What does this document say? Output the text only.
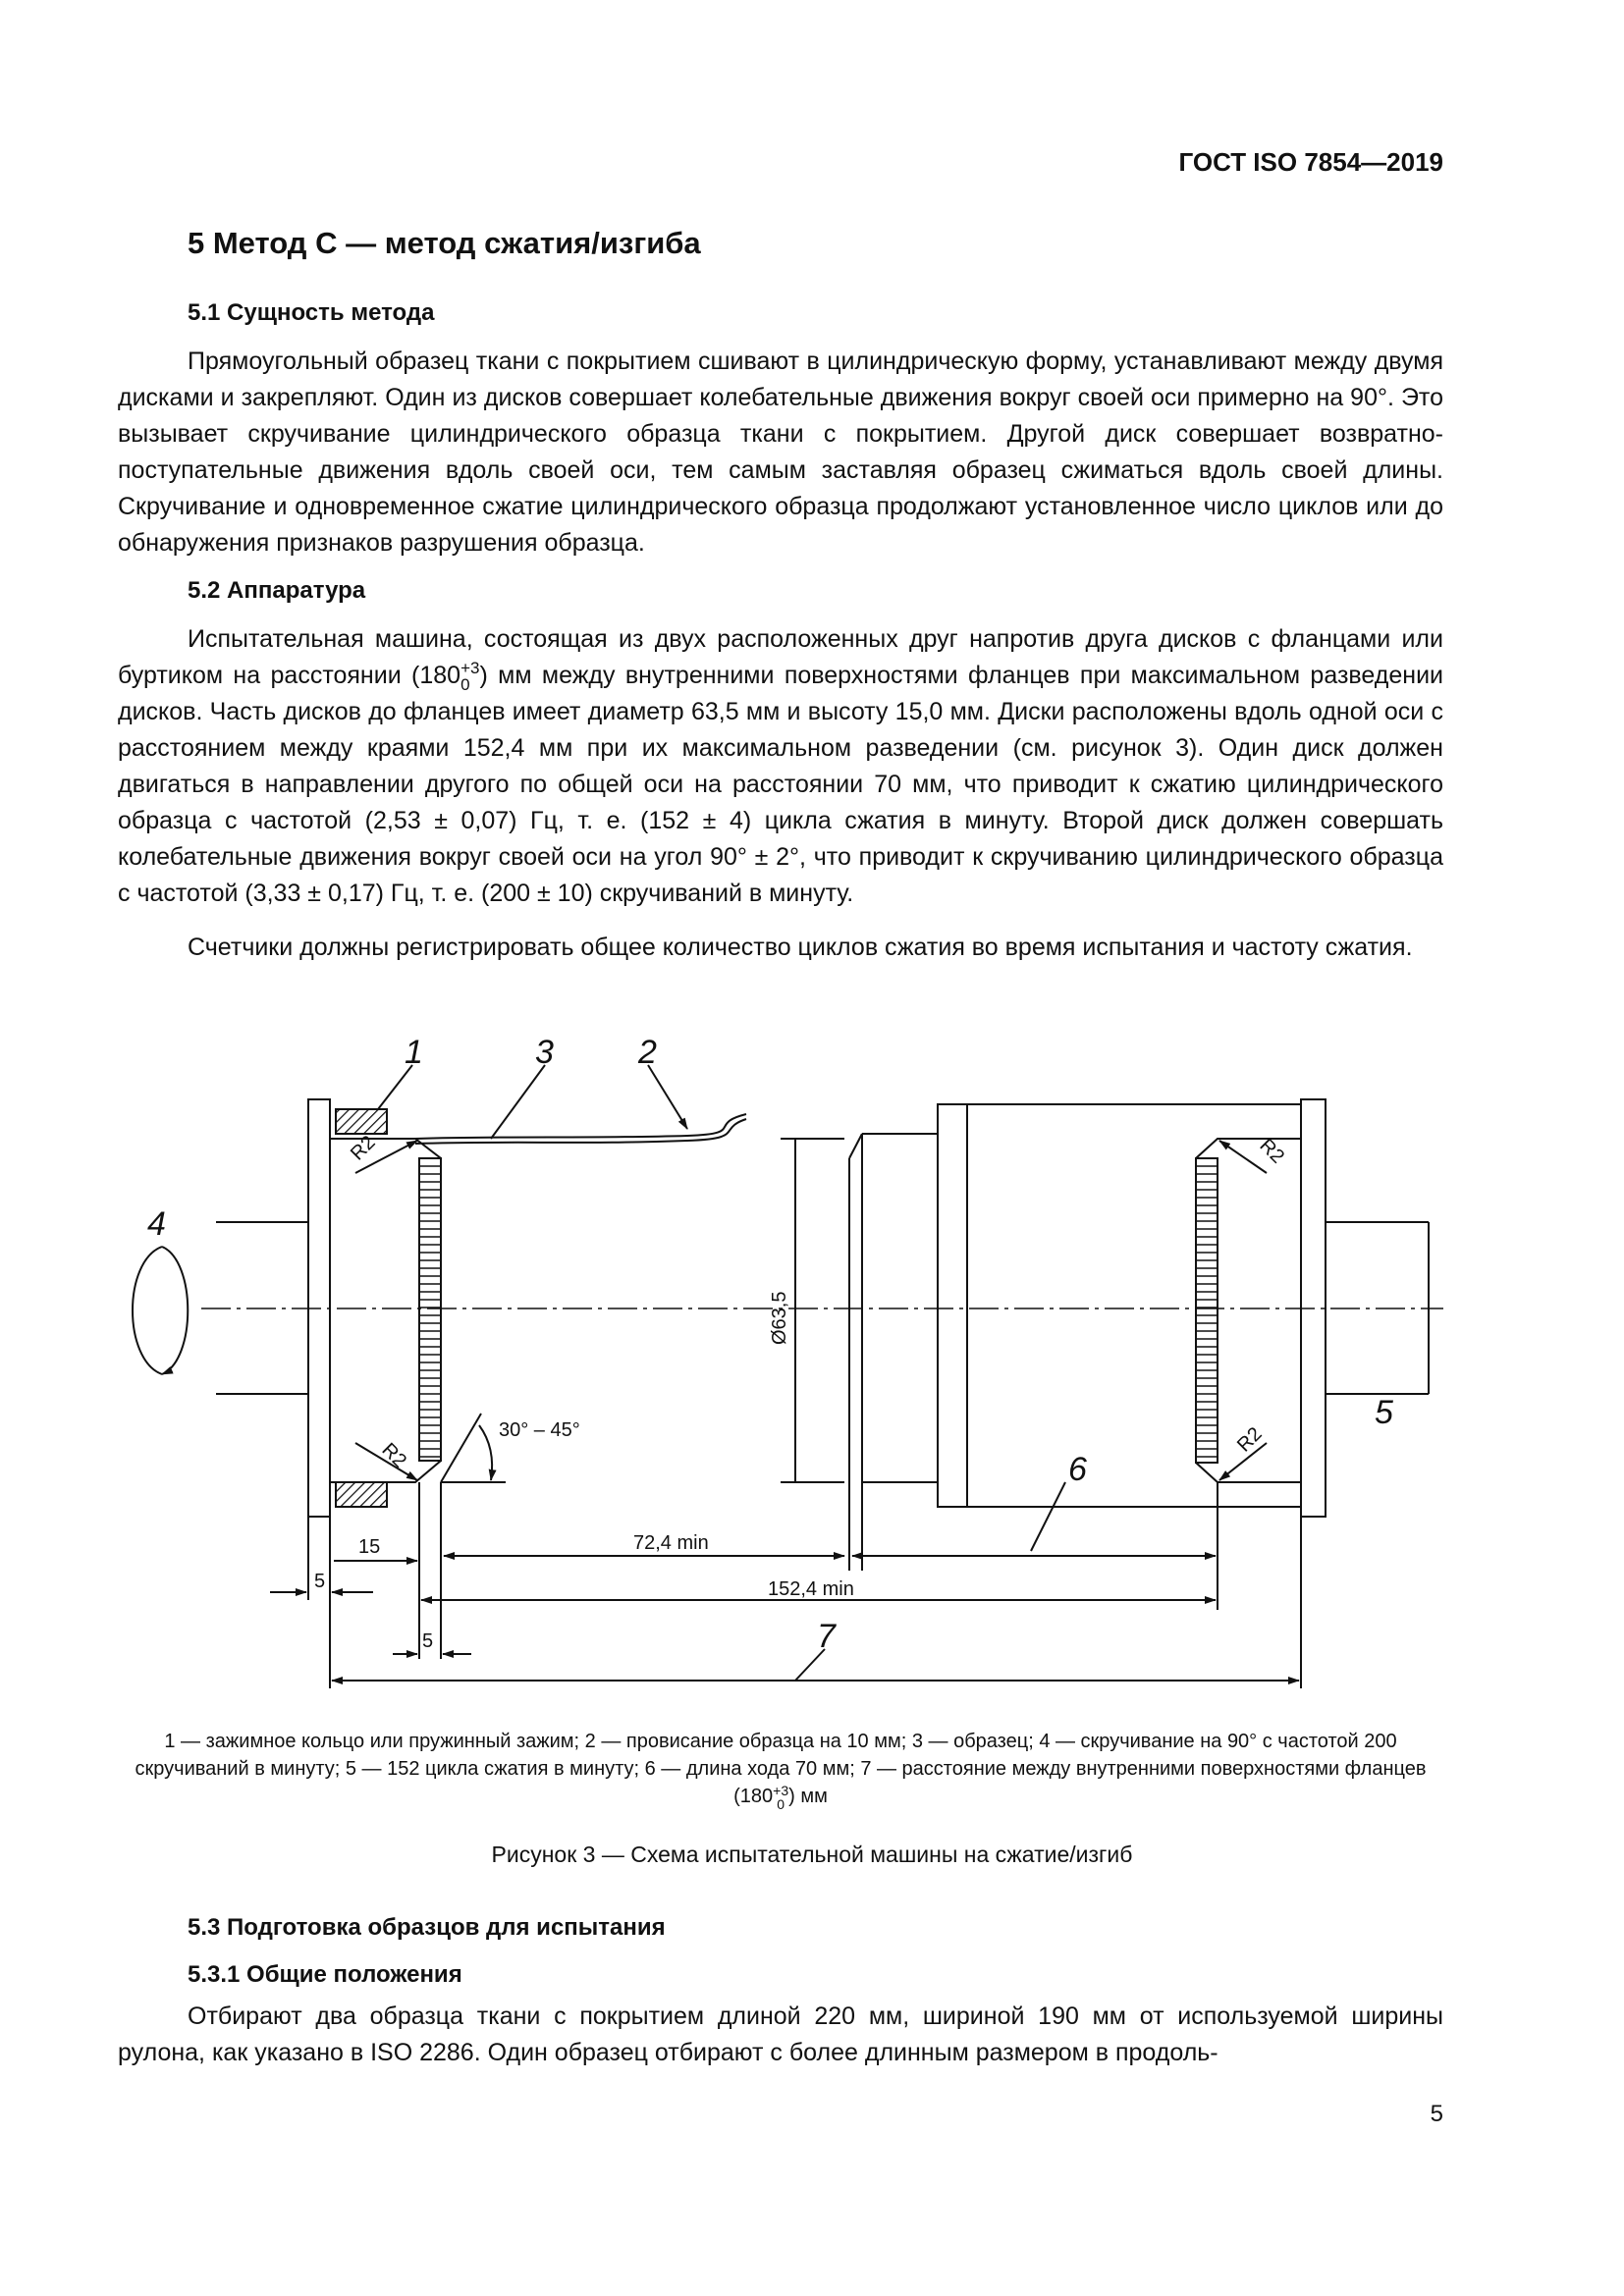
ГОСТ ISO 7854—2019
5 Метод С — метод сжатия/изгиба
5.1 Сущность метода

Прямоугольный образец ткани с покрытием сшивают в цилиндрическую форму, устанавливают между двумя дисками и закрепляют. Один из дисков совершает колебательные движения вокруг своей оси примерно на 90°. Это вызывает скручивание цилиндрического образца ткани с покрытием. Другой диск совершает возвратно-поступательные движения вдоль своей оси, тем самым заставляя образец сжиматься вдоль своей длины. Скручивание и одновременное сжатие цилиндрического образца продолжают установленное число циклов или до обнаружения признаков разрушения образца.

5.2 Аппаратура

Испытательная машина, состоящая из двух расположенных друг напротив друга дисков с фланцами или буртиком на расстоянии (180 +3
0 ) мм между внутренними поверхностями фланцев при максимальном разведении дисков. Часть дисков до фланцев имеет диаметр 63,5 мм и высоту 15,0 мм. Диски расположены вдоль одной оси с расстоянием между краями 152,4 мм при их максимальном разведении (см. рисунок 3). Один диск должен двигаться в направлении другого по общей оси на расстоянии 70 мм, что приводит к сжатию цилиндрического образца с частотой (2,53 ± 0,07) Гц, т. е. (152 ± 4) цикла сжатия в минуту. Второй диск должен совершать колебательные движения вокруг своей оси на угол 90° ± 2°, что приводит к скручиванию цилиндрического образца с частотой (3,33 ± 0,17) Гц, т. е. (200 ± 10) скручиваний в минуту.

Счетчики должны регистрировать общее количество циклов сжатия во время испытания и частоту сжатия.

1	3	2
4
5
6
7
R2
R2
R2
R2
30° – 45°
Ø63,5
15	72,4 min
5	152,4 min
5
1 — зажимное кольцо или пружинный зажим; 2 — провисание образца на 10 мм; 3 — образец; 4 — скручивание на 90° с частотой 200 скручиваний в минуту; 5 — 152 цикла сжатия в минуту; 6 — длина хода 70 мм; 7 — расстояние между внутренними поверхностями фланцев (180 +3
0 ) мм
Рисунок 3 — Схема испытательной машины на сжатие/изгиб
5.3 Подготовка образцов для испытания
5.3.1 Общие положения

Отбирают два образца ткани с покрытием длиной 220 мм, шириной 190 мм от используемой ширины рулона, как указано в ISO 2286. Один образец отбирают с более длинным размером в продоль-

5
